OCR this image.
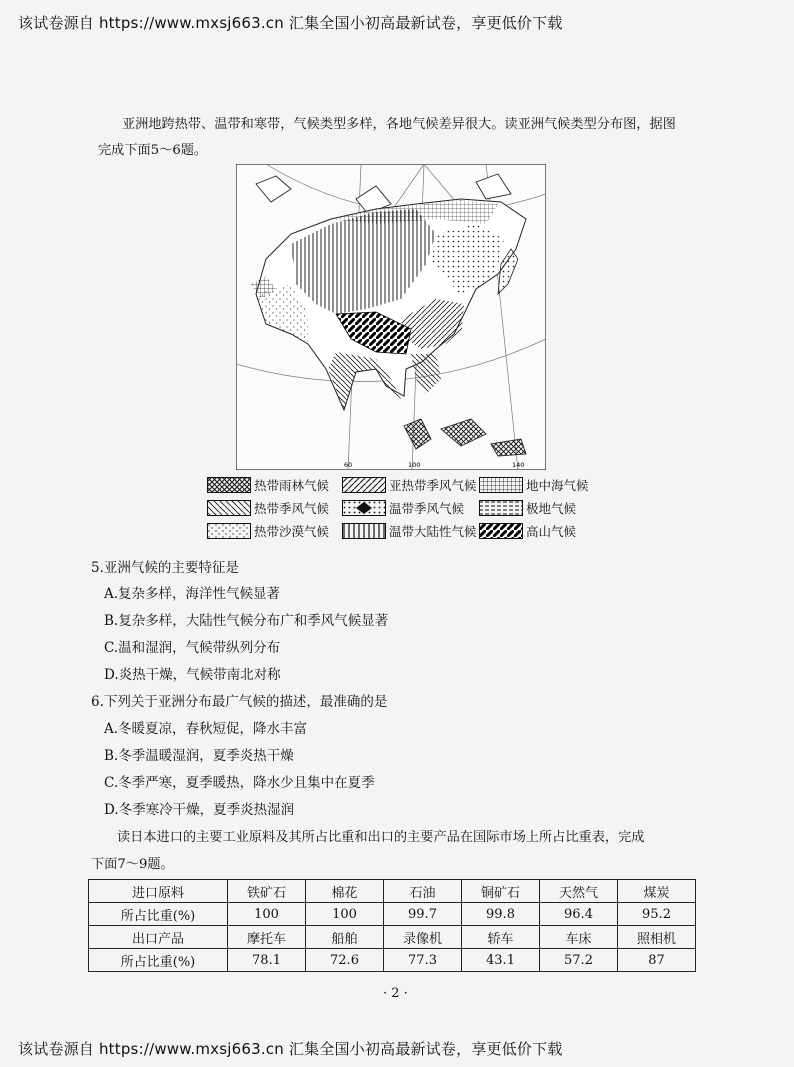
该试卷源自 https://www.mxsj663.cn 汇集全国小初高最新试卷，享更低价下载
亚洲地跨热带、温带和寒带，气候类型多样，各地气候差异很大。读亚洲气候类型分布图，据图
完成下面5～6题。
60	100	140
热带雨林气候	亚热带季风气候	地中海气候
热带季风气候	温带季风气候	极地气候
热带沙漠气候	温带大陆性气候	高山气候
5.亚洲气候的主要特征是
A.复杂多样，海洋性气候显著
B.复杂多样，大陆性气候分布广和季风气候显著
C.温和湿润，气候带纵列分布
D.炎热干燥，气候带南北对称
6.下列关于亚洲分布最广气候的描述，最准确的是
A.冬暖夏凉，春秋短促，降水丰富
B.冬季温暖湿润，夏季炎热干燥
C.冬季严寒，夏季暖热，降水少且集中在夏季
D.冬季寒冷干燥，夏季炎热湿润
读日本进口的主要工业原料及其所占比重和出口的主要产品在国际市场上所占比重表，完成
下面7～9题。
进口原料	铁矿石	棉花	石油	铜矿石	天然气	煤炭
所占比重(%)	100	100	99.7	99.8	96.4	95.2
出口产品	摩托车	船舶	录像机	轿车	车床	照相机
所占比重(%)	78.1	72.6	77.3	43.1	57.2	87
· 2 ·
该试卷源自 https://www.mxsj663.cn 汇集全国小初高最新试卷，享更低价下载
